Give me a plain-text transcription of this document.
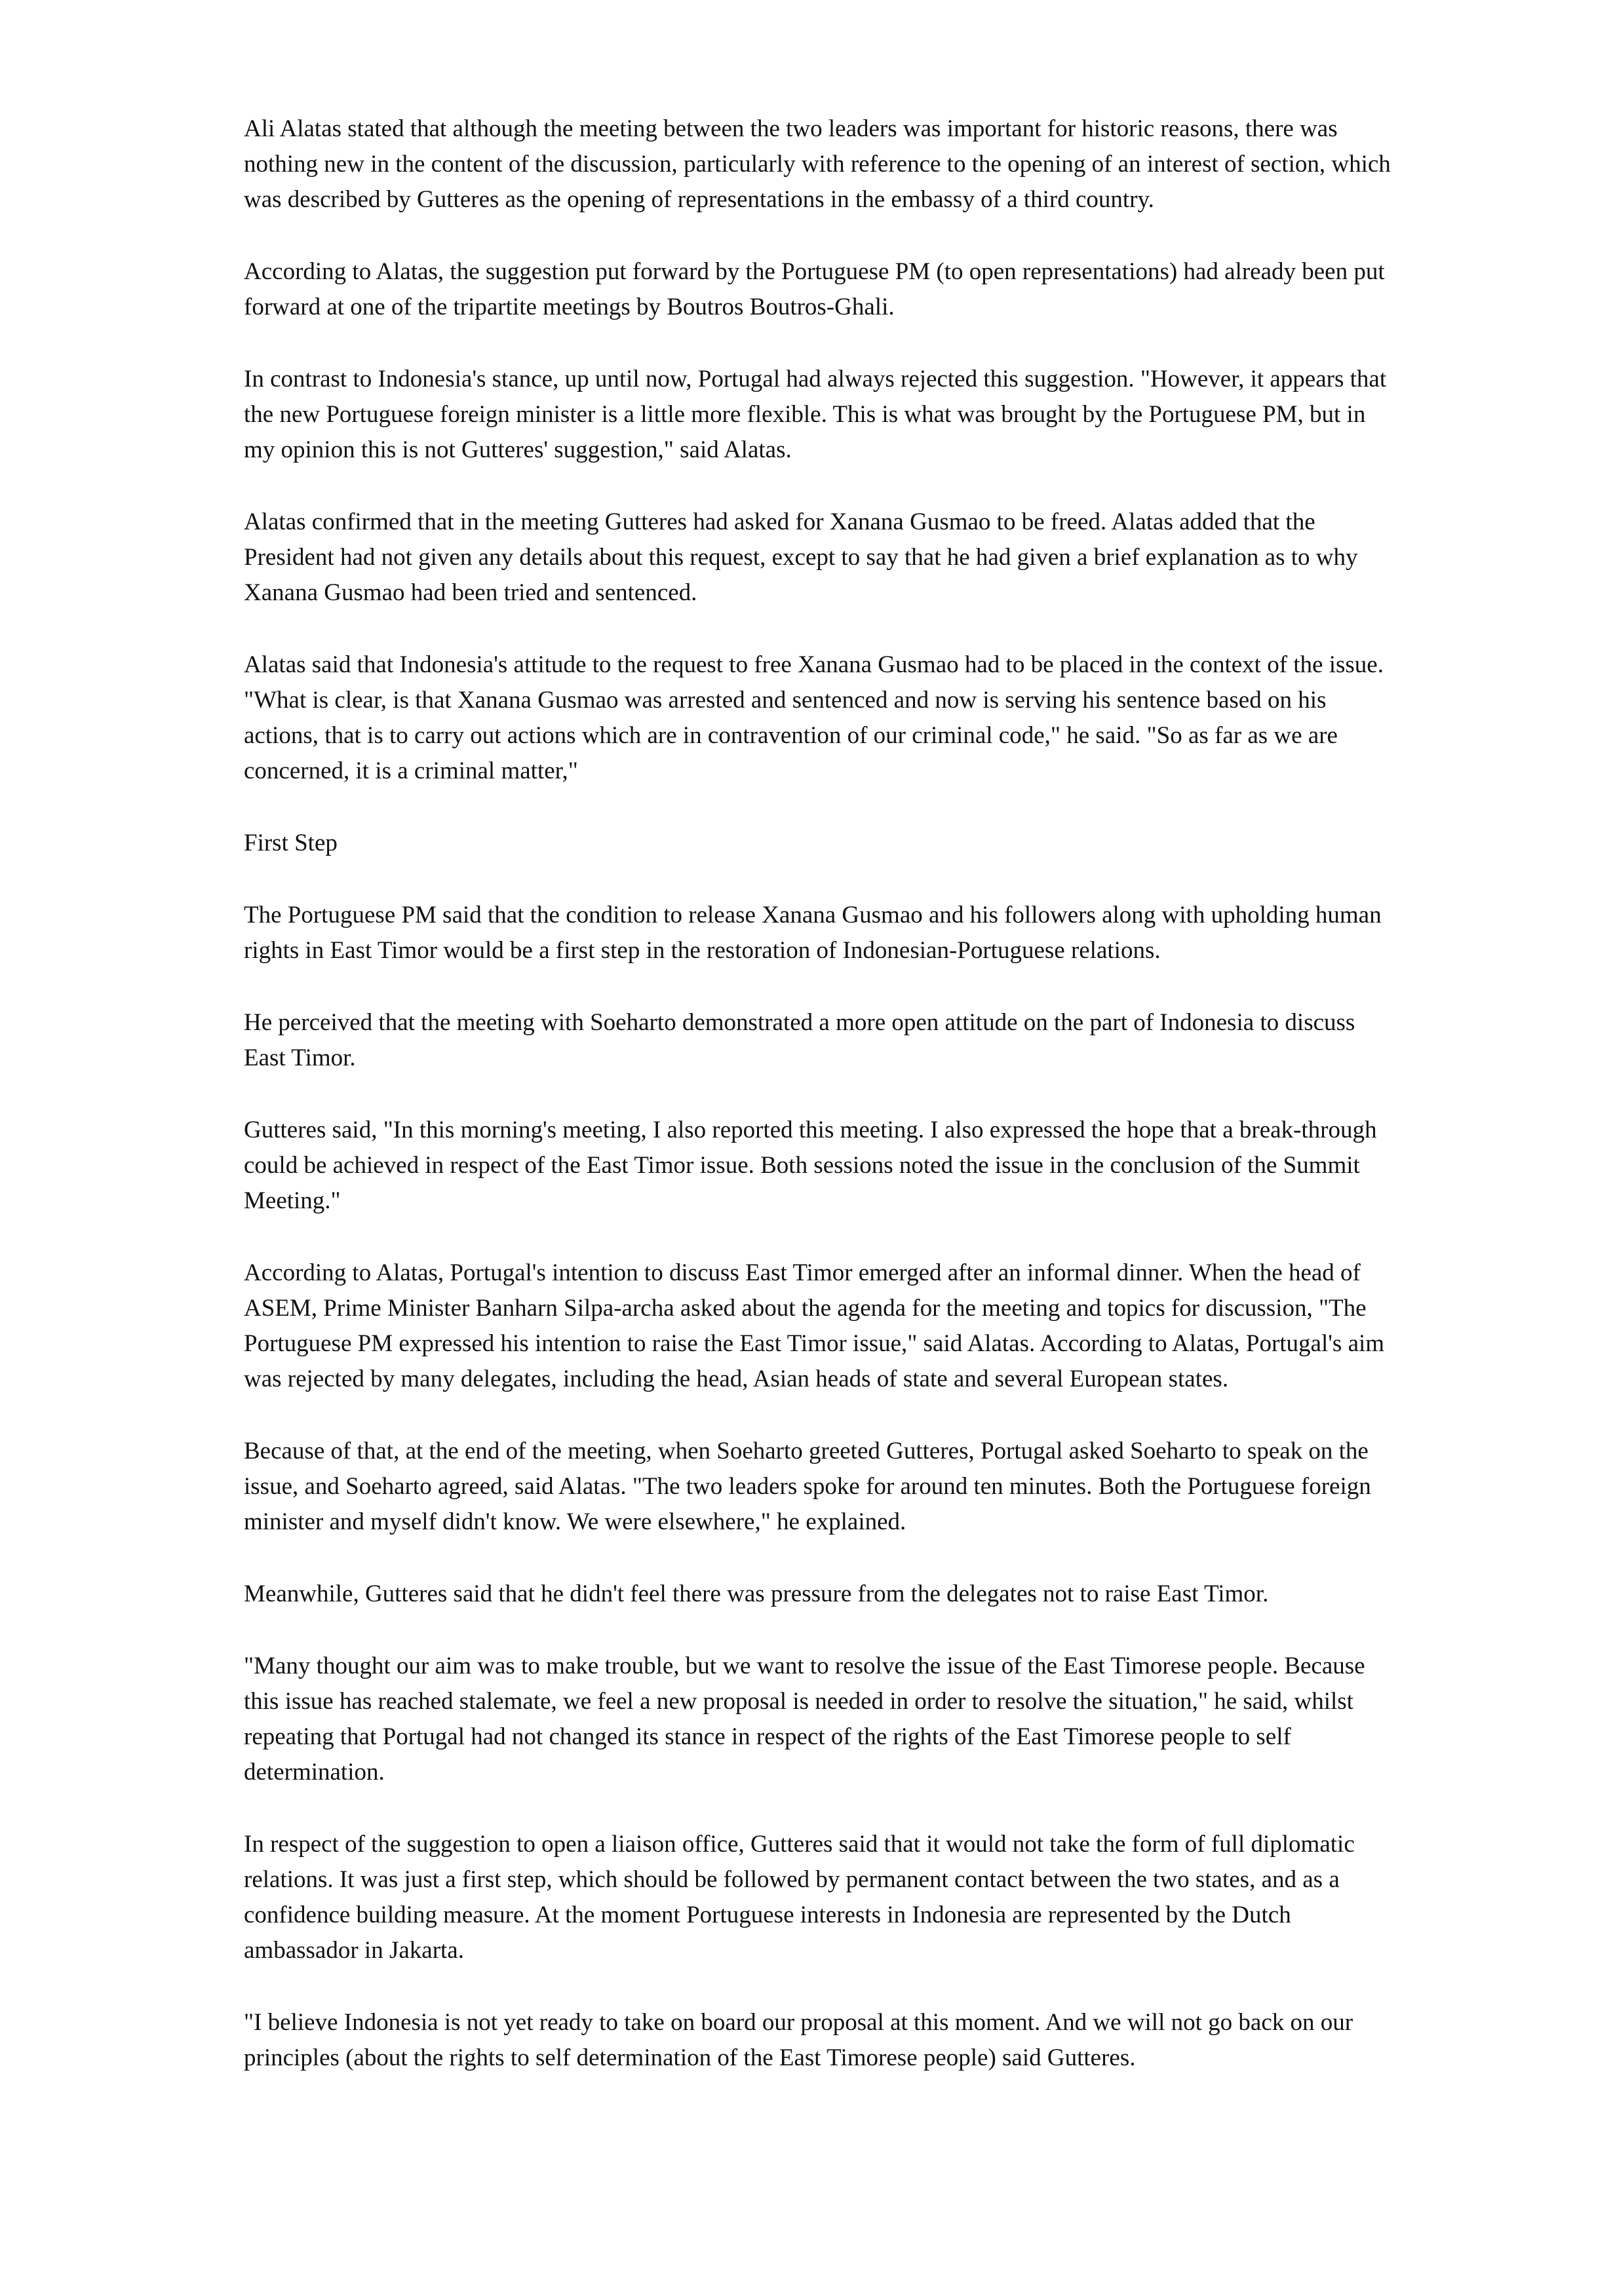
Ali Alatas stated that although the meeting between the two leaders was important for historic reasons, there was nothing new in the content of the discussion, particularly with reference to the opening of an interest of section, which was described by Gutteres as the opening of representations in the embassy of a third country.

According to Alatas, the suggestion put forward by the Portuguese PM (to open representations) had already been put forward at one of the tripartite meetings by Boutros Boutros-Ghali.

In contrast to Indonesia's stance, up until now, Portugal had always rejected this suggestion. "However, it appears that the new Portuguese foreign minister is a little more flexible. This is what was brought by the Portuguese PM, but in my opinion this is not Gutteres' suggestion," said Alatas.

Alatas confirmed that in the meeting Gutteres had asked for Xanana Gusmao to be freed. Alatas added that the President had not given any details about this request, except to say that he had given a brief explanation as to why Xanana Gusmao had been tried and sentenced.

Alatas said that Indonesia's attitude to the request to free Xanana Gusmao had to be placed in the context of the issue. "What is clear, is that Xanana Gusmao was arrested and sentenced and now is serving his sentence based on his actions, that is to carry out actions which are in contravention of our criminal code," he said. "So as far as we are concerned, it is a criminal matter,"

First Step

The Portuguese PM said that the condition to release Xanana Gusmao and his followers along with upholding human rights in East Timor would be a first step in the restoration of Indonesian-Portuguese relations.

He perceived that the meeting with Soeharto demonstrated a more open attitude on the part of Indonesia to discuss East Timor.

Gutteres said, "In this morning's meeting, I also reported this meeting. I also expressed the hope that a break-through could be achieved in respect of the East Timor issue. Both sessions noted the issue in the conclusion of the Summit Meeting."

According to Alatas, Portugal's intention to discuss East Timor emerged after an informal dinner. When the head of ASEM, Prime Minister Banharn Silpa-archa asked about the agenda for the meeting and topics for discussion, "The Portuguese PM expressed his intention to raise the East Timor issue," said Alatas. According to Alatas, Portugal's aim was rejected by many delegates, including the head, Asian heads of state and several European states.

Because of that, at the end of the meeting, when Soeharto greeted Gutteres, Portugal asked Soeharto to speak on the issue, and Soeharto agreed, said Alatas. "The two leaders spoke for around ten minutes. Both the Portuguese foreign minister and myself didn't know. We were elsewhere," he explained.

Meanwhile, Gutteres said that he didn't feel there was pressure from the delegates not to raise East Timor.

"Many thought our aim was to make trouble, but we want to resolve the issue of the East Timorese people. Because this issue has reached stalemate, we feel a new proposal is needed in order to resolve the situation," he said, whilst repeating that Portugal had not changed its stance in respect of the rights of the East Timorese people to self determination.

In respect of the suggestion to open a liaison office, Gutteres said that it would not take the form of full diplomatic relations. It was just a first step, which should be followed by permanent contact between the two states, and as a confidence building measure. At the moment Portuguese interests in Indonesia are represented by the Dutch ambassador in Jakarta.

"I believe Indonesia is not yet ready to take on board our proposal at this moment. And we will not go back on our principles (about the rights to self determination of the East Timorese people) said Gutteres.
